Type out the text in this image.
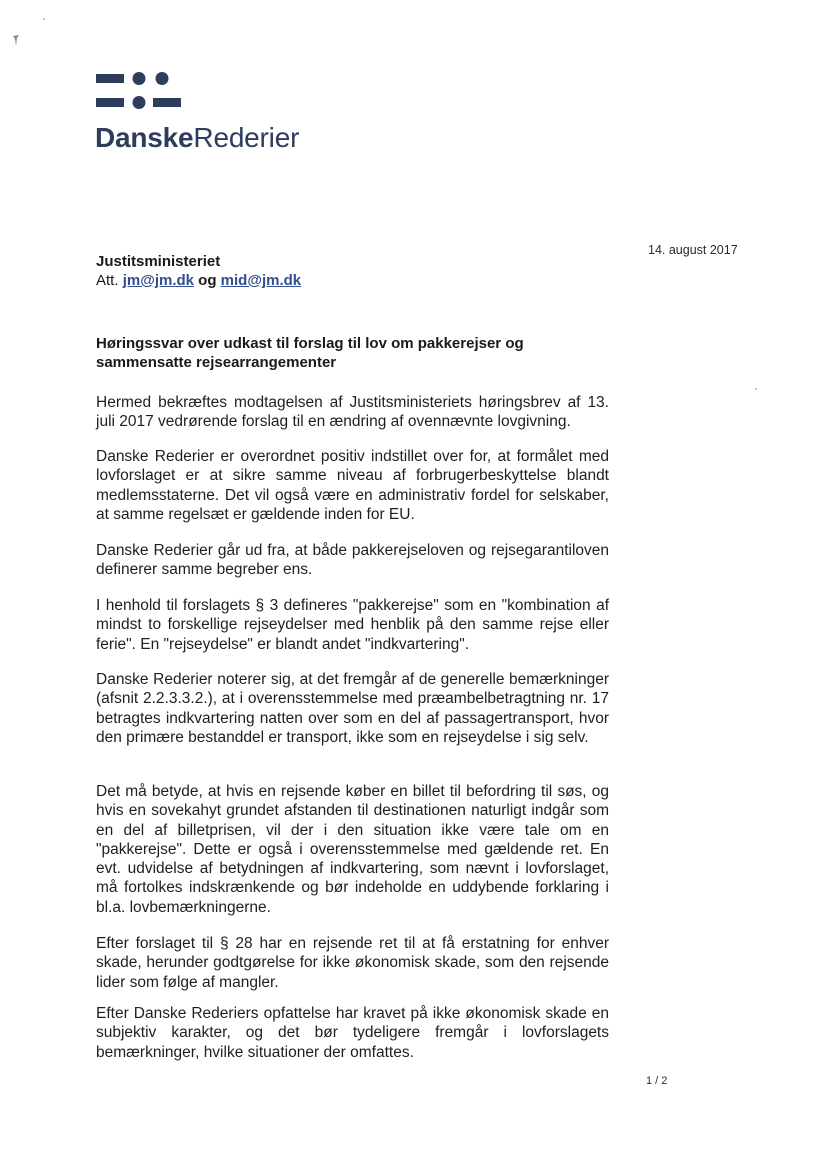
DanskeRederier
14. august 2017
Justitsministeriet
Att. jm@jm.dk og mid@jm.dk
Høringssvar over udkast til forslag til lov om pakkerejser og sammensatte rejsearrangementer

Hermed bekræftes modtagelsen af Justitsministeriets høringsbrev af 13. juli 2017 vedrørende forslag til en ændring af ovennævnte lovgivning.

Danske Rederier er overordnet positiv indstillet over for, at formålet med lovforslaget er at sikre samme niveau af forbrugerbeskyttelse blandt medlemsstaterne. Det vil også være en administrativ fordel for selskaber, at samme regelsæt er gældende inden for EU.

Danske Rederier går ud fra, at både pakkerejseloven og rejsegarantiloven definerer samme begreber ens.

I henhold til forslagets § 3 defineres "pakkerejse" som en "kombination af mindst to forskellige rejseydelser med henblik på den samme rejse eller ferie". En "rejseydelse" er blandt andet "indkvartering".

Danske Rederier noterer sig, at det fremgår af de generelle bemærkninger (afsnit 2.2.3.3.2.), at i overensstemmelse med præambelbetragtning nr. 17 betragtes indkvartering natten over som en del af passagertransport, hvor den primære bestanddel er transport, ikke som en rejseydelse i sig selv.

Det må betyde, at hvis en rejsende køber en billet til befordring til søs, og hvis en sovekahyt grundet afstanden til destinationen naturligt indgår som en del af billetprisen, vil der i den situation ikke være tale om en "pakkerejse". Dette er også i overensstemmelse med gældende ret. En evt. udvidelse af betydningen af indkvartering, som nævnt i lovforslaget, må fortolkes indskrænkende og bør indeholde en uddybende forklaring i bl.a. lovbemærkningerne.

Efter forslaget til § 28 har en rejsende ret til at få erstatning for enhver skade, herunder godtgørelse for ikke økonomisk skade, som den rejsende lider som følge af mangler.

Efter Danske Rederiers opfattelse har kravet på ikke økonomisk skade en subjektiv karakter, og det bør tydeligere fremgår i lovforslagets bemærkninger, hvilke situationer der omfattes.

1 / 2
